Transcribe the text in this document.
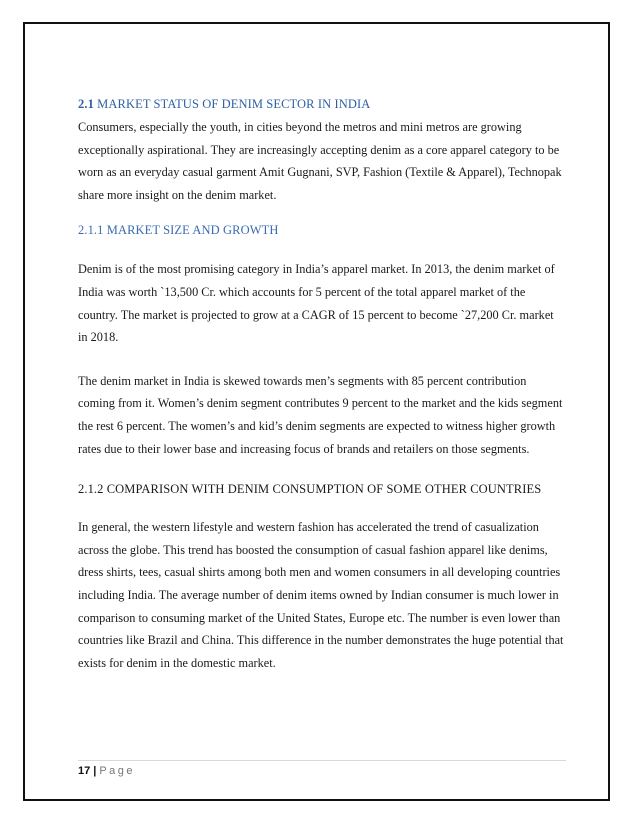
2.1 MARKET STATUS OF DENIM SECTOR IN INDIA

Consumers, especially the youth, in cities beyond the metros and mini metros are growing exceptionally aspirational. They are increasingly accepting denim as a core apparel category to be worn as an everyday casual garment Amit Gugnani, SVP, Fashion (Textile & Apparel), Technopak share more insight on the denim market.

2.1.1 MARKET SIZE AND GROWTH

Denim is of the most promising category in India’s apparel market. In 2013, the denim market of India was worth `13,500 Cr. which accounts for 5 percent of the total apparel market of the country. The market is projected to grow at a CAGR of 15 percent to become `27,200 Cr. market in 2018.

The denim market in India is skewed towards men’s segments with 85 percent contribution coming from it. Women’s denim segment contributes 9 percent to the market and the kids segment the rest 6 percent. The women’s and kid’s denim segments are expected to witness higher growth rates due to their lower base and increasing focus of brands and retailers on those segments.

2.1.2 COMPARISON WITH DENIM CONSUMPTION OF SOME OTHER COUNTRIES

In general, the western lifestyle and western fashion has accelerated the trend of casualization across the globe. This trend has boosted the consumption of casual fashion apparel like denims, dress shirts, tees, casual shirts among both men and women consumers in all developing countries including India. The average number of denim items owned by Indian consumer is much lower in comparison to consuming market of the United States, Europe etc. The number is even lower than countries like Brazil and China. This difference in the number demonstrates the huge potential that exists for denim in the domestic market.

17 | Page
